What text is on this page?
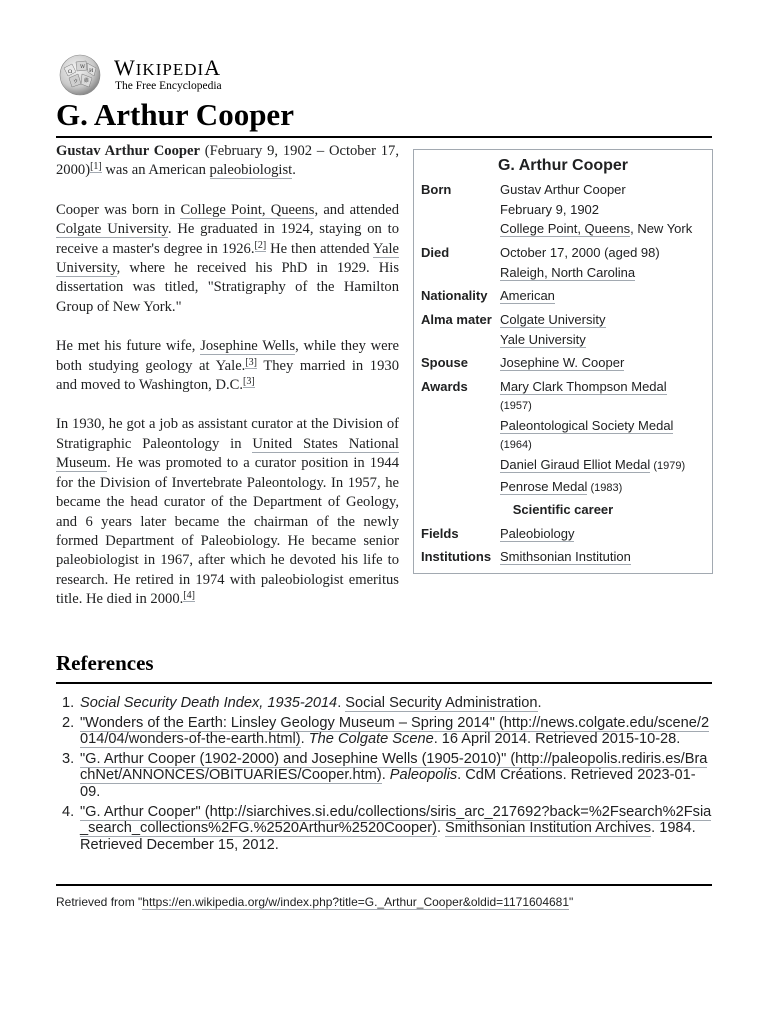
Ω
W
И
ウ 維
WIKIPEDIA
The Free Encyclopedia
G. Arthur Cooper

Gustav Arthur Cooper (February 9, 1902 – October 17, 2000)[1] was an American paleobiologist.

Cooper was born in College Point, Queens, and attended Colgate University. He graduated in 1924, staying on to receive a master's degree in 1926.[2] He then attended Yale University, where he received his PhD in 1929. His dissertation was titled, "Stratigraphy of the Hamilton Group of New York."

He met his future wife, Josephine Wells, while they were both studying geology at Yale.[3] They married in 1930 and moved to Washington, D.C.[3]

In 1930, he got a job as assistant curator at the Division of Stratigraphic Paleontology in United States National Museum. He was promoted to a curator position in 1944 for the Division of Invertebrate Paleontology. In 1957, he became the head curator of the Department of Geology, and 6 years later became the chairman of the newly formed Department of Paleobiology. He became senior paleobiologist in 1967, after which he devoted his life to research. He retired in 1974 with paleobiologist emeritus title. He died in 2000.[4]

G. Arthur Cooper
Born	Gustav Arthur Cooper
February 9, 1902
College Point, Queens, New York
Died	October 17, 2000 (aged 98)
Raleigh, North Carolina
Nationality American
Alma mater Colgate University
Yale University
Spouse Josephine W. Cooper
Awards Mary Clark Thompson Medal
(1957)
Paleontological Society Medal
(1964)
Daniel Giraud Elliot Medal (1979)
Penrose Medal (1983)
Scientific career
Fields	Paleobiology
Institutions Smithsonian Institution
References
1. Social Security Death Index, 1935-2014. Social Security Administration.
2. "Wonders of the Earth: Linsley Geology Museum – Spring 2014" (http://news.colgate.edu/scene/2014/04/wonders-of-the-earth.html). The Colgate Scene. 16 April 2014. Retrieved 2015-10-28.
3. "G. Arthur Cooper (1902-2000) and Josephine Wells (1905-2010)" (http://paleopolis.rediris.es/BrachNet/ANNONCES/OBITUARIES/Cooper.htm). Paleopolis. CdM Créations. Retrieved 2023-01-09.
4. "G. Arthur Cooper" (http://siarchives.si.edu/collections/siris_arc_217692?back=%2Fsearch%2Fsia_search_collections%2FG.%2520Arthur%2520Cooper). Smithsonian Institution Archives. 1984. Retrieved December 15, 2012.
Retrieved from "https://en.wikipedia.org/w/index.php?title=G._Arthur_Cooper&oldid=1171604681"
